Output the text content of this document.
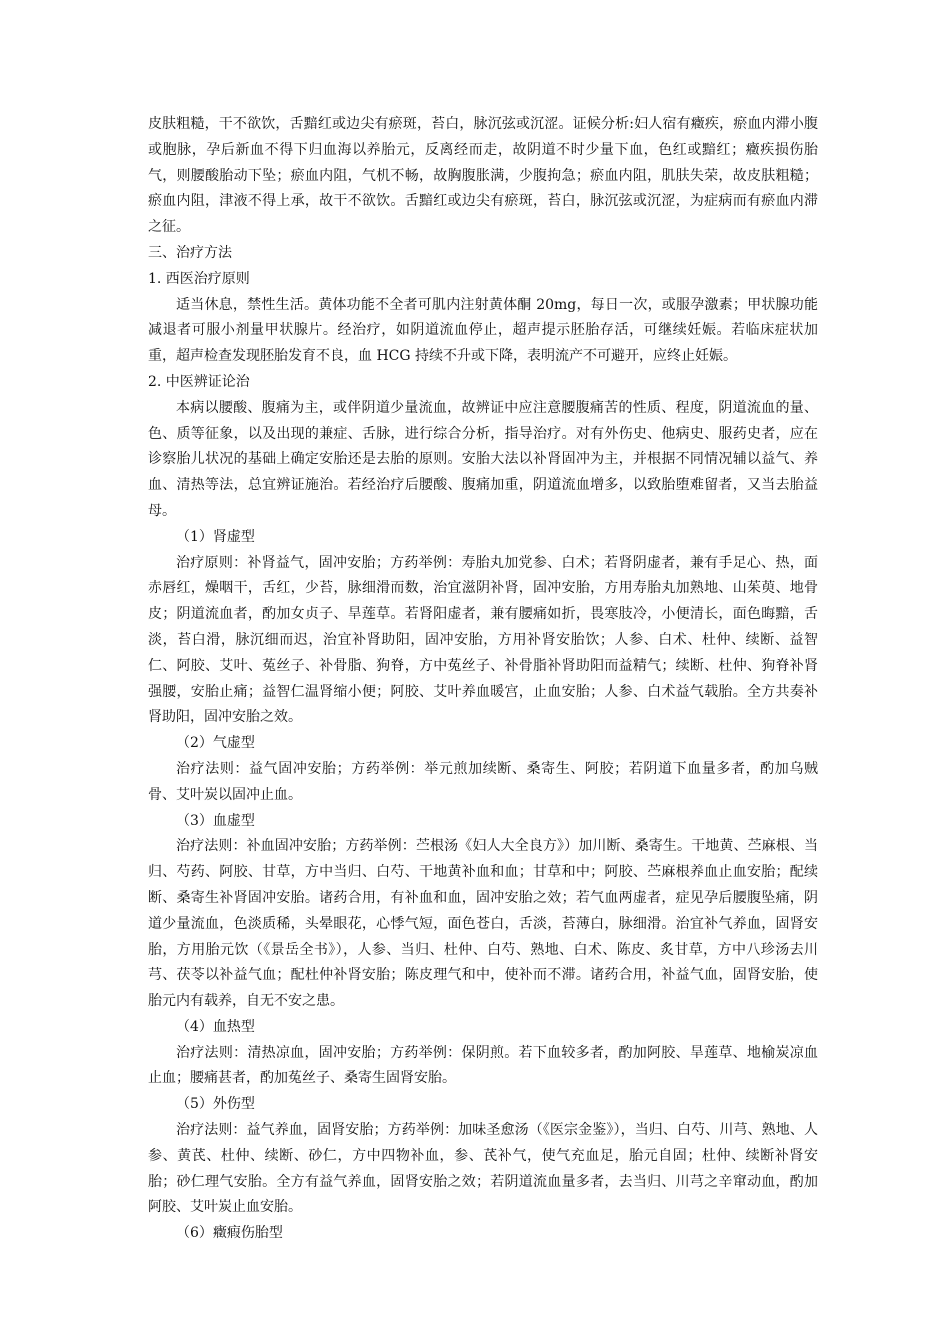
皮肤粗糙，干不欲饮，舌黯红或边尖有瘀斑，苔白，脉沉弦或沉涩。证候分析:妇人宿有癥疾，瘀血内滞小腹或胞脉，孕后新血不得下归血海以养胎元，反离经而走，故阴道不时少量下血，色红或黯红；癥疾损伤胎气，则腰酸胎动下坠；瘀血内阻，气机不畅，故胸腹胀满，少腹拘急；瘀血内阻，肌肤失荣，故皮肤粗糙；瘀血内阻，津液不得上承，故干不欲饮。舌黯红或边尖有瘀斑，苔白，脉沉弦或沉涩，为症病而有瘀血内滞之征。

三、治疗方法

1. 西医治疗原则

适当休息，禁性生活。黄体功能不全者可肌内注射黄体酮 20mg，每日一次，或服孕激素；甲状腺功能减退者可服小剂量甲状腺片。经治疗，如阴道流血停止，超声提示胚胎存活，可继续妊娠。若临床症状加重，超声检查发现胚胎发育不良，血 HCG 持续不升或下降，表明流产不可避开，应终止妊娠。

2. 中医辨证论治

本病以腰酸、腹痛为主，或伴阴道少量流血，故辨证中应注意腰腹痛苦的性质、程度，阴道流血的量、色、质等征象，以及出现的兼症、舌脉，进行综合分析，指导治疗。对有外伤史、他病史、服药史者，应在诊察胎儿状况的基础上确定安胎还是去胎的原则。安胎大法以补肾固冲为主，并根据不同情况辅以益气、养血、清热等法，总宜辨证施治。若经治疗后腰酸、腹痛加重，阴道流血增多，以致胎堕难留者，又当去胎益母。

（1）肾虚型

治疗原则：补肾益气，固冲安胎；方药举例：寿胎丸加党参、白术；若肾阴虚者，兼有手足心、热，面赤唇红，燥咽干，舌红，少苔，脉细滑而数，治宜滋阴补肾，固冲安胎，方用寿胎丸加熟地、山茱萸、地骨皮；阴道流血者，酌加女贞子、旱莲草。若肾阳虚者，兼有腰痛如折，畏寒肢冷，小便清长，面色晦黯，舌淡，苔白滑，脉沉细而迟，治宜补肾助阳，固冲安胎，方用补肾安胎饮；人参、白术、杜仲、续断、益智仁、阿胶、艾叶、菟丝子、补骨脂、狗脊，方中菟丝子、补骨脂补肾助阳而益精气；续断、杜仲、狗脊补肾强腰，安胎止痛；益智仁温肾缩小便；阿胶、艾叶养血暖宫，止血安胎；人参、白术益气载胎。全方共奏补肾助阳，固冲安胎之效。

（2）气虚型

治疗法则：益气固冲安胎；方药举例：举元煎加续断、桑寄生、阿胶；若阴道下血量多者，酌加乌贼骨、艾叶炭以固冲止血。

（3）血虚型

治疗法则：补血固冲安胎；方药举例：苎根汤《妇人大全良方》）加川断、桑寄生。干地黄、苎麻根、当归、芍药、阿胶、甘草，方中当归、白芍、干地黄补血和血；甘草和中；阿胶、苎麻根养血止血安胎；配续断、桑寄生补肾固冲安胎。诸药合用，有补血和血，固冲安胎之效；若气血两虚者，症见孕后腰腹坠痛，阴道少量流血，色淡质稀，头晕眼花，心悸气短，面色苍白，舌淡，苔薄白，脉细滑。治宜补气养血，固肾安胎，方用胎元饮（《景岳全书》），人参、当归、杜仲、白芍、熟地、白术、陈皮、炙甘草，方中八珍汤去川芎、茯苓以补益气血；配杜仲补肾安胎；陈皮理气和中，使补而不滞。诸药合用，补益气血，固肾安胎，使胎元内有载养，自无不安之患。

（4）血热型

治疗法则：清热凉血，固冲安胎；方药举例：保阴煎。若下血较多者，酌加阿胶、旱莲草、地榆炭凉血止血；腰痛甚者，酌加菟丝子、桑寄生固肾安胎。

（5）外伤型

治疗法则：益气养血，固肾安胎；方药举例：加味圣愈汤（《医宗金鉴》），当归、白芍、川芎、熟地、人参、黄芪、杜仲、续断、砂仁，方中四物补血，参、芪补气，使气充血足，胎元自固；杜仲、续断补肾安胎；砂仁理气安胎。全方有益气养血，固肾安胎之效；若阴道流血量多者，去当归、川芎之辛窜动血，酌加阿胶、艾叶炭止血安胎。

（6）癥瘕伤胎型
